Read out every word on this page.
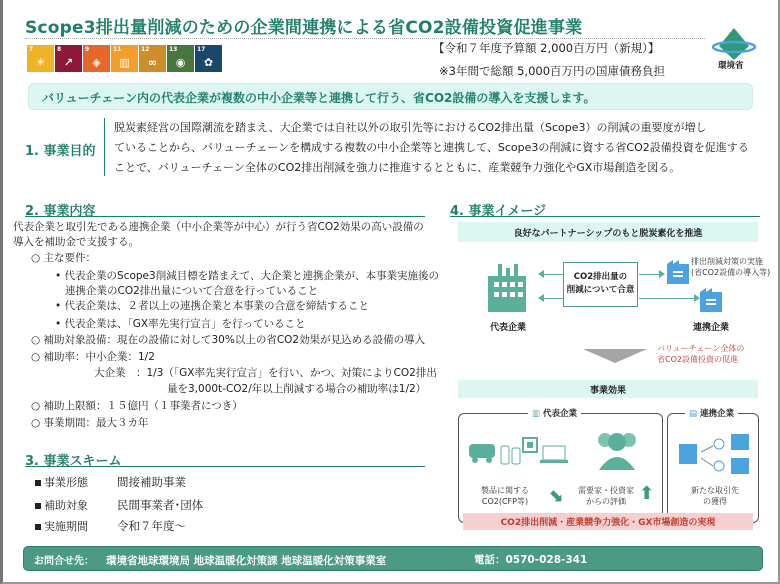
Scope3排出量削減のための企業間連携による省CO2設備投資促進事業
7
☀
8
↗
9
◈
11
▥
12
∞
13
◉
17
✿
【令和７年度予算額 2,000百万円（新規）】
※3年間で総額 5,000百万円の国庫債務負担	環境省
バリューチェーン内の代表企業が複数の中小企業等と連携して行う、省CO2設備の導入を支援します。
1. 事業目的
脱炭素経営の国際潮流を踏まえ、大企業では自社以外の取引先等におけるCO2排出量（Scope3）の削減の重要度が増し
ていることから、バリューチェーンを構成する複数の中小企業等と連携して、Scope3の削減に資する省CO2設備投資を促進する
ことで、バリューチェーン全体のCO2排出削減を強力に推進するとともに、産業競争力強化やGX市場創造を図る。
2. 事業内容
代表企業と取引先である連携企業（中小企業等が中心）が行う省CO2効果の高い設備の
導入を補助金で支援する。
○ 主な要件：
• 代表企業のScope3削減目標を踏まえて、大企業と連携企業が、本事業実施後の
連携企業のCO2排出量について合意を行っていること
• 代表企業は、２者以上の連携企業と本事業の合意を締結すること
• 代表企業は、「GX率先実行宣言」を行っていること
○ 補助対象設備：現在の設備に対して30%以上の省CO2効果が見込める設備の導入
○ 補助率：中小企業：1/2
大企業　：1/3（「GX率先実行宣言」を行い、かつ、対策によりCO2排出
量を3,000t-CO2/年以上削減する場合の補助率は1/2）
○ 補助上限額：１５億円（１事業者につき）
○ 事業期間：最大３カ年
3. 事業スキーム
事業形態	間接補助事業
補助対象	民間事業者･団体
実施期間	令和７年度～
4. 事業イメージ
良好なパートナーシップのもと脱炭素化を推進
代表企業
CO2排出量の
削減について合意
排出削減対策の実施
(省CO2設備の導入等)
連携企業
バリューチェーン全体の
省CO2設備投資の促進
事業効果
▥ 代表企業	▤ 連携企業
製品に関する
CO2(CFP等) ⬊ 需要家・投資家
からの評価 ⬆	新たな取引先
の獲得
CO2排出削減・産業競争力強化・GX市場創造の実現
お問合せ先： 環境省地球環境局 地球温暖化対策課 地球温暖化対策事業室	電話：0570-028-341
